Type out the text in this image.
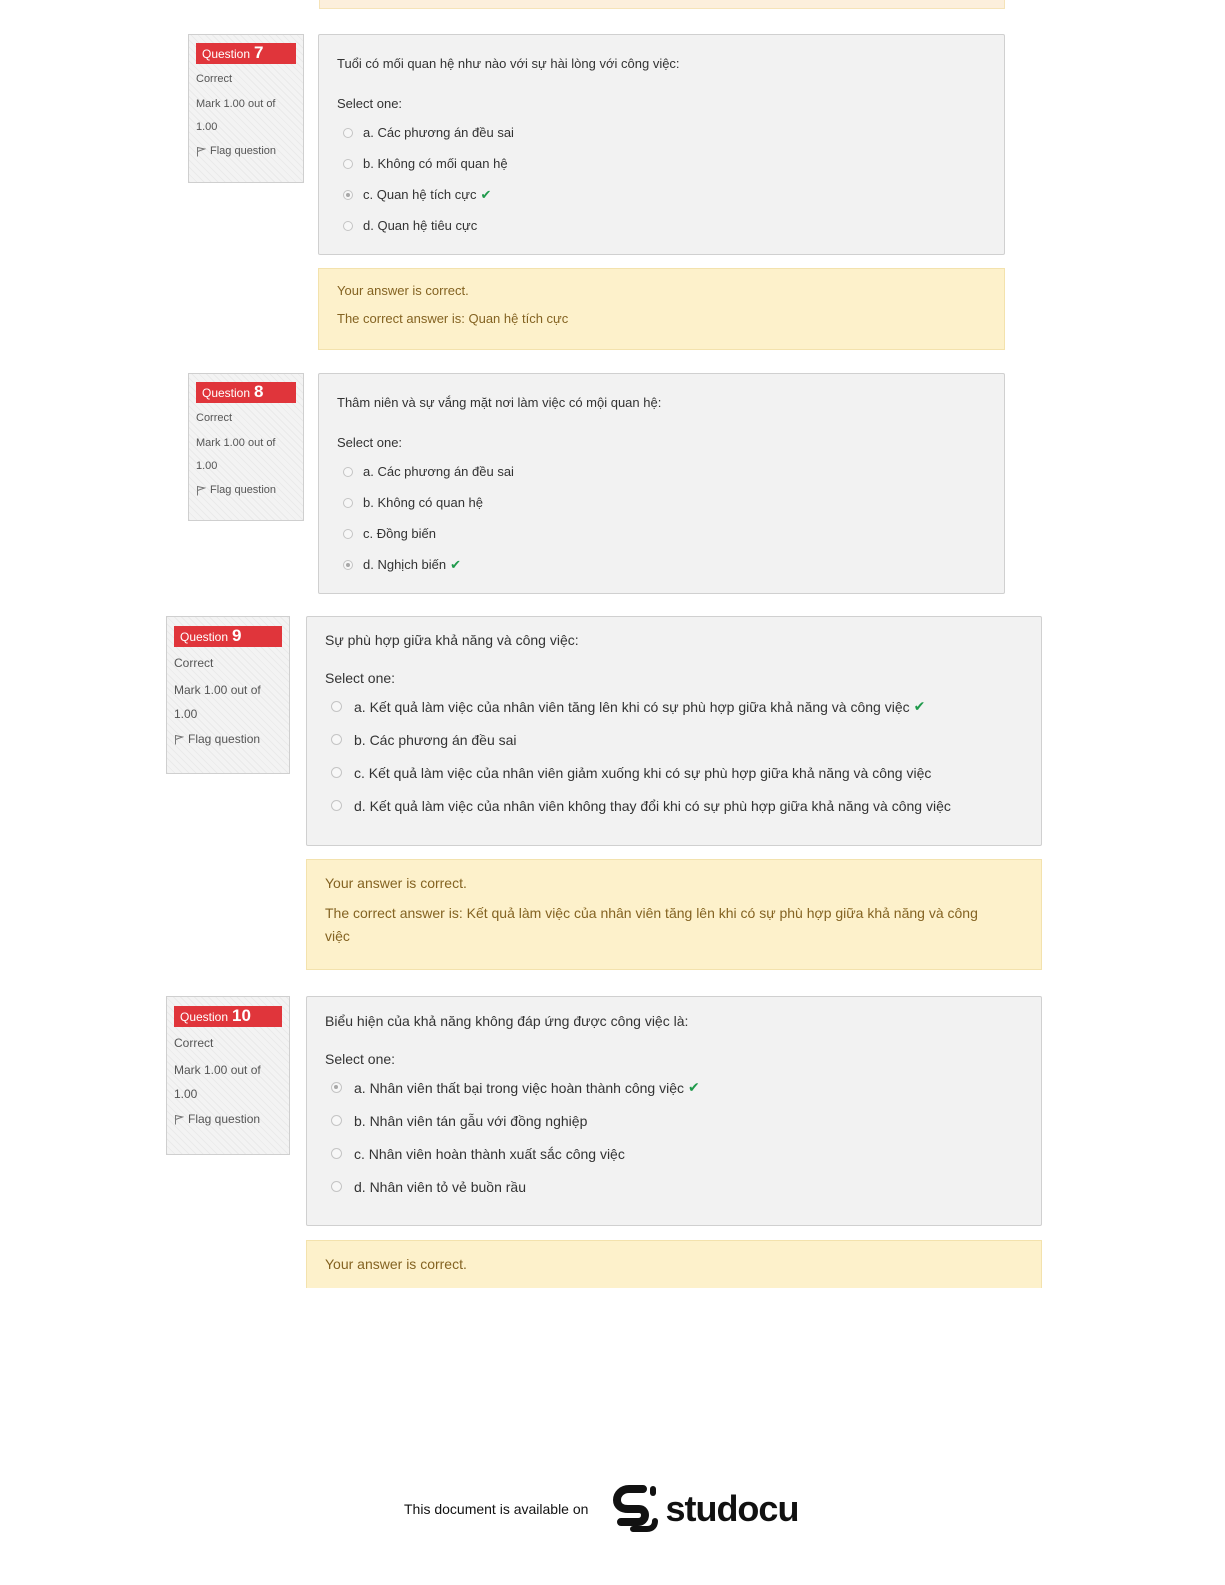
Question 7
Correct
Mark 1.00 out of
1.00
Flag question
Tuổi có mối quan hệ như nào với sự hài lòng với công việc:
Select one:
a. Các phương án đều sai
b. Không có mối quan hệ
c. Quan hệ tích cực ✔
d. Quan hệ tiêu cực
Your answer is correct.
The correct answer is: Quan hệ tích cực
Question 8
Correct
Mark 1.00 out of
1.00
Flag question
Thâm niên và sự vắng mặt nơi làm việc có mội quan hệ:
Select one:
a. Các phương án đều sai
b. Không có quan hệ
c. Đồng biến
d. Nghịch biến ✔
Question 9
Correct
Mark 1.00 out of
1.00
Flag question
Sự phù hợp giữa khả năng và công việc:
Select one:
a. Kết quả làm việc của nhân viên tăng lên khi có sự phù hợp giữa khả năng và công việc ✔
b. Các phương án đều sai
c. Kết quả làm việc của nhân viên giảm xuống khi có sự phù hợp giữa khả năng và công việc
d. Kết quả làm việc của nhân viên không thay đổi khi có sự phù hợp giữa khả năng và công việc
Your answer is correct.
The correct answer is: Kết quả làm việc của nhân viên tăng lên khi có sự phù hợp giữa khả năng và công
việc
Question 10
Correct
Mark 1.00 out of
1.00
Flag question
Biểu hiện của khả năng không đáp ứng được công việc là:
Select one:
a. Nhân viên thất bại trong việc hoàn thành công việc ✔
b. Nhân viên tán gẫu với đồng nghiệp
c. Nhân viên hoàn thành xuất sắc công việc
d. Nhân viên tỏ vẻ buồn rầu
Your answer is correct.
This document is available on studocu
